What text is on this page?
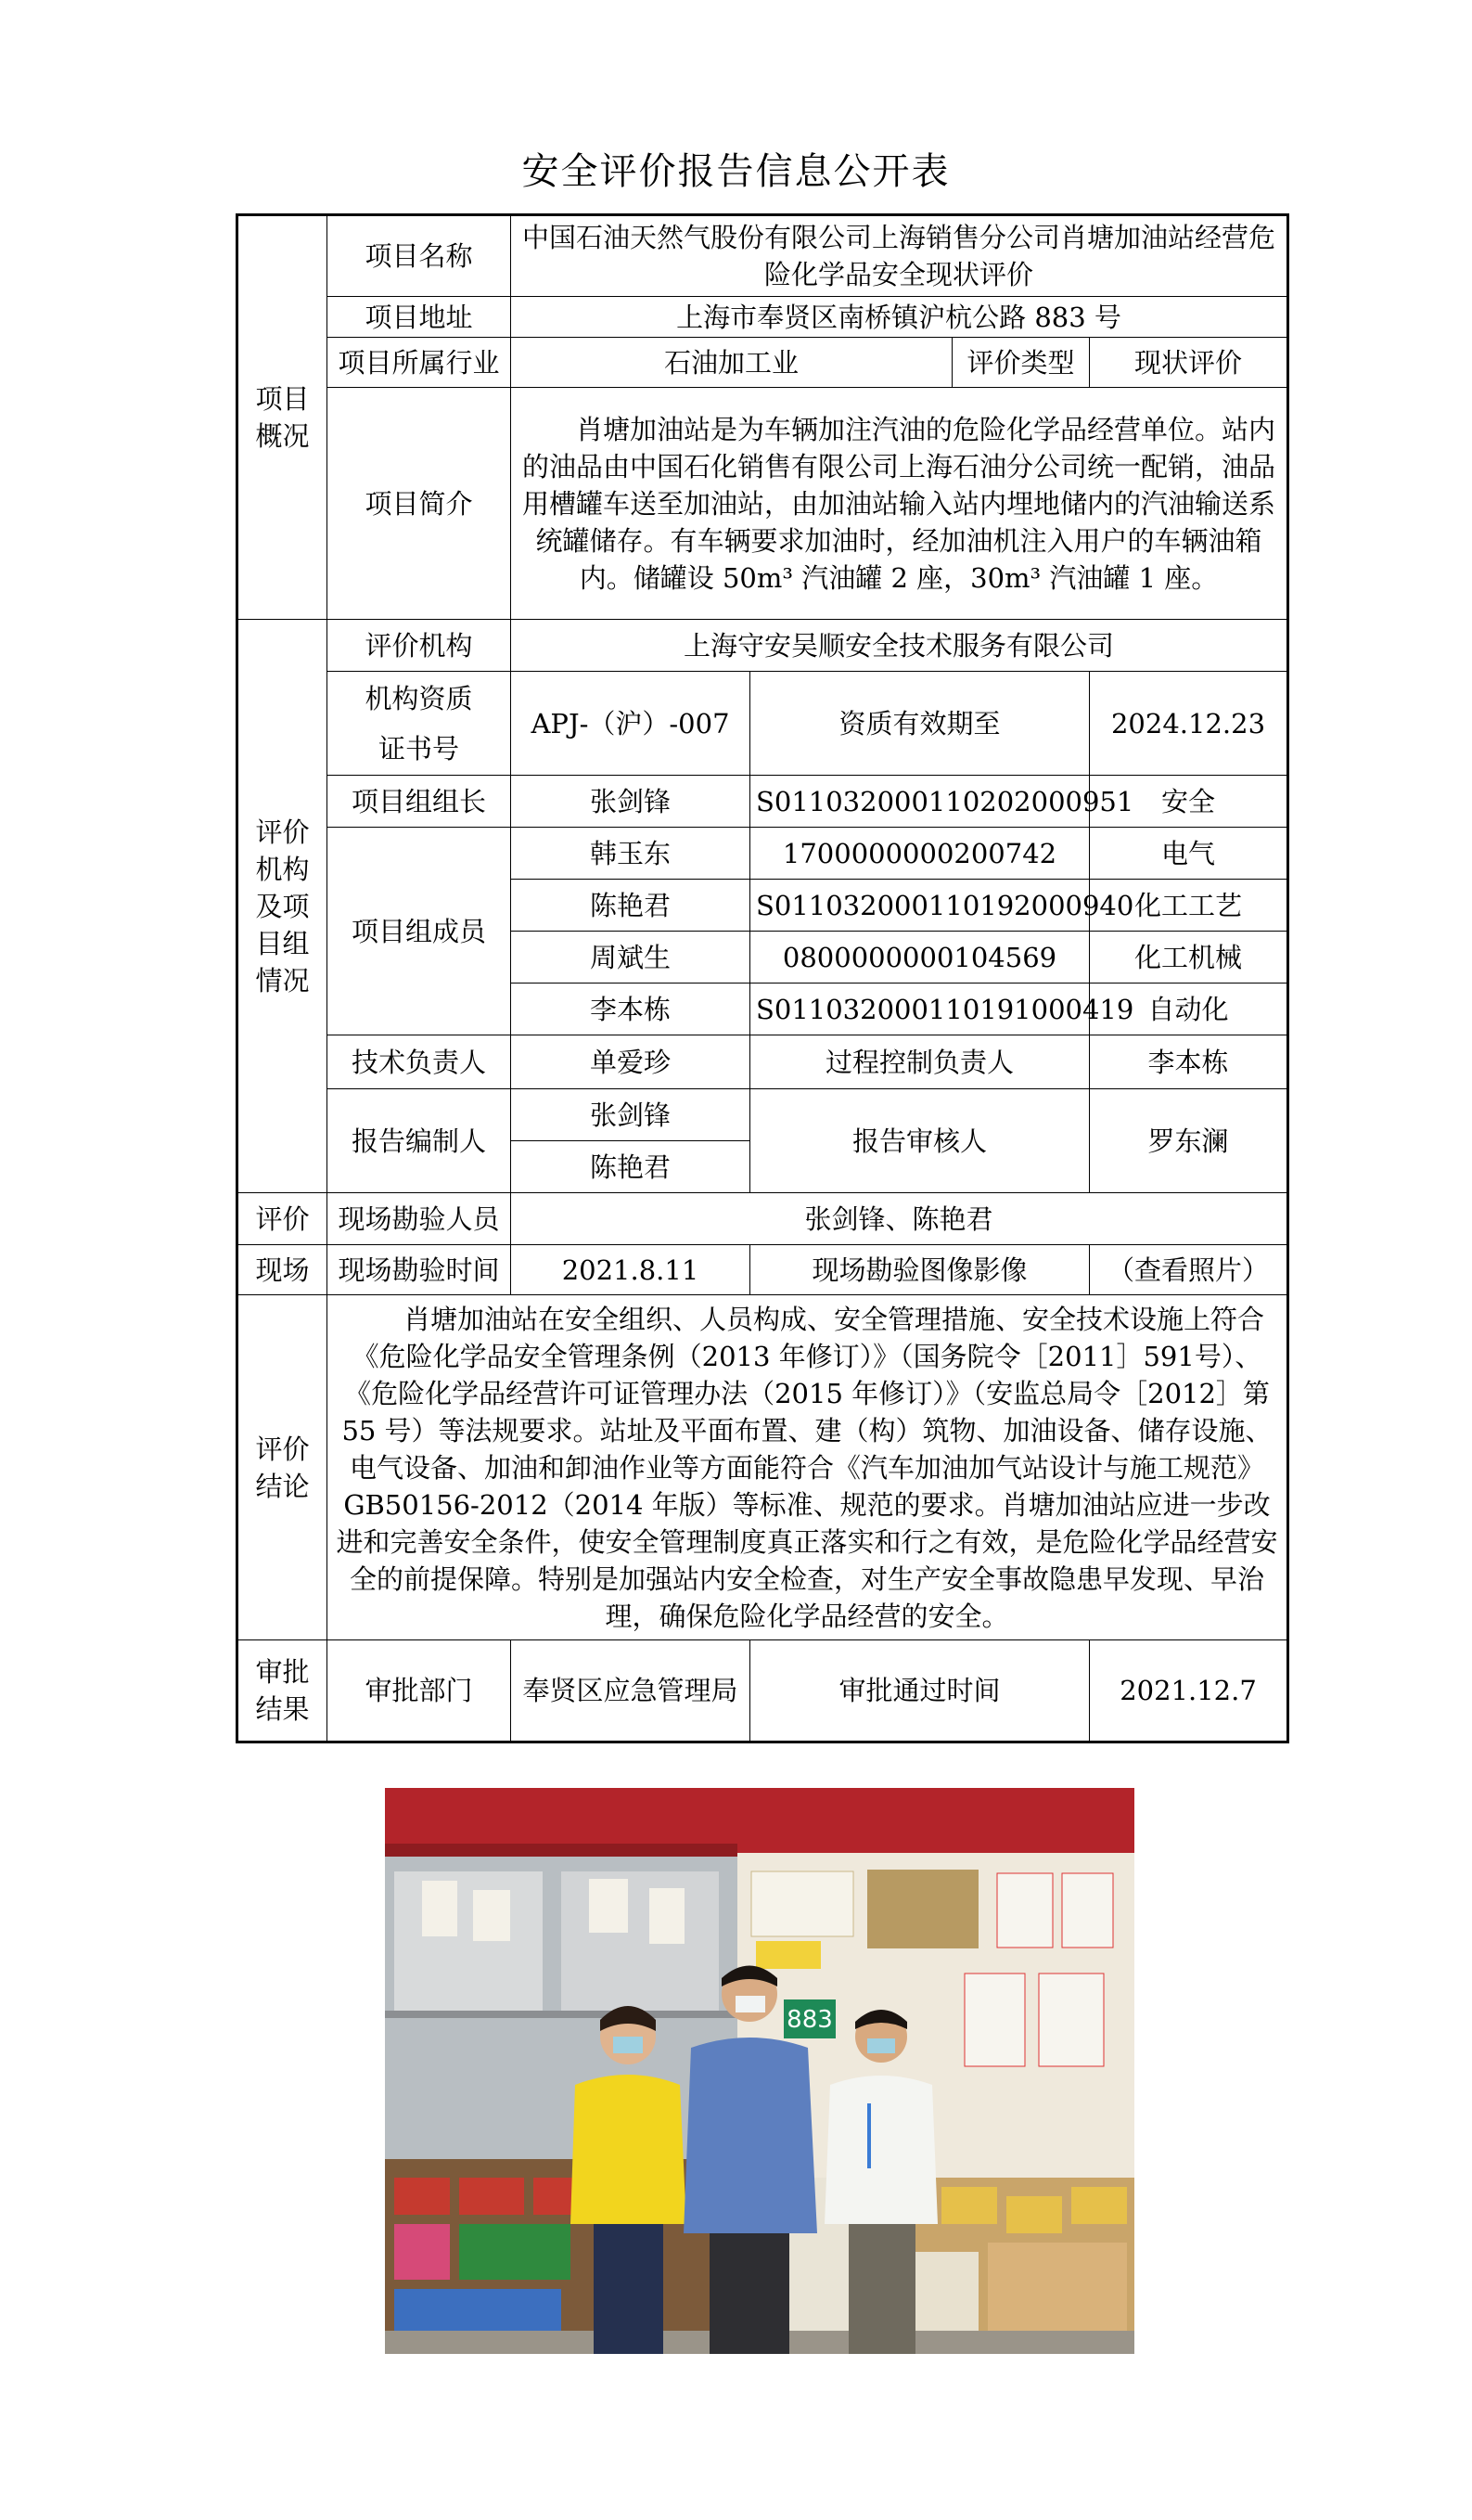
安全评价报告信息公开表
项目
概况	项目名称	中国石油天然气股份有限公司上海销售分公司肖塘加油站经营危险化学品安全现状评价			
	项目地址	上海市奉贤区南桥镇沪杭公路 883 号			
	项目所属行业	石油加工业		评价类型	现状评价
	项目简介	肖塘加油站是为车辆加注汽油的危险化学品经营单位。站内的油品由中国石化销售有限公司上海石油分公司统一配销，油品用槽罐车送至加油站，由加油站输入站内埋地储内的汽油输送系统罐储存。有车辆要求加油时，经加油机注入用户的车辆油箱内。储罐设 50m³ 汽油罐 2 座，30m³ 汽油罐 1 座。			
评价
机构
及项
目组
情况	评价机构	上海守安吴顺安全技术服务有限公司			
	机构资质
证书号	APJ-（沪）-007	资质有效期至		2024.12.23
	项目组组长	张剑锋	S011032000110202000951		安全
	项目组成员	韩玉东	1700000000200742		电气
		陈艳君	S011032000110192000940		化工工艺
		周斌生	0800000000104569		化工机械
		李本栋	S011032000110191000419		自动化
	技术负责人	单爱珍	过程控制负责人		李本栋
	报告编制人	张剑锋	报告审核人		罗东澜
		陈艳君			

评价	现场勘验人员	张剑锋、陈艳君			
现场	现场勘验时间	2021.8.11	现场勘验图像影像		（查看照片）
评价
结论	肖塘加油站在安全组织、人员构成、安全管理措施、安全技术设施上符合《危险化学品安全管理条例（2013 年修订）》（国务院令［2011］591号）、《危险化学品经营许可证管理办法（2015 年修订）》（安监总局令［2012］第 55 号）等法规要求。站址及平面布置、建（构）筑物、加油设备、储存设施、电气设备、加油和卸油作业等方面能符合《汽车加油加气站设计与施工规范》GB50156-2012（2014 年版）等标准、规范的要求。肖塘加油站应进一步改进和完善安全条件，使安全管理制度真正落实和行之有效，是危险化学品经营安全的前提保障。特别是加强站内安全检查，对生产安全事故隐患早发现、早治理，确保危险化学品经营的安全。				
审批
结果	审批部门	奉贤区应急管理局	审批通过时间		2021.12.7
883
